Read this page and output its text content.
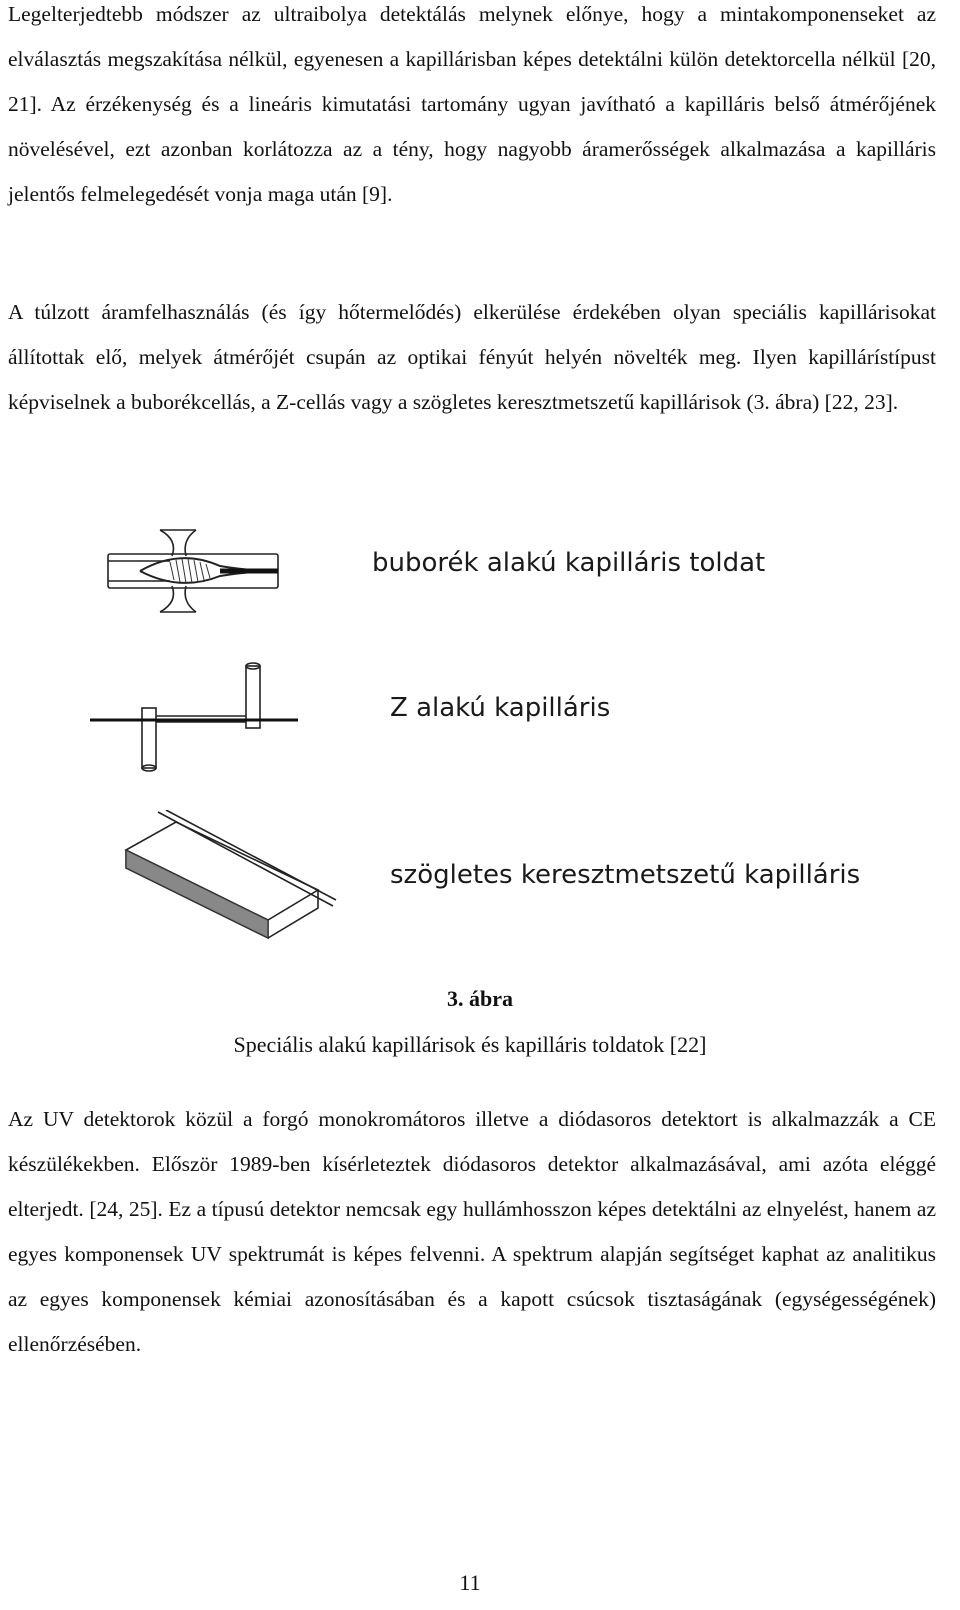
Legelterjedtebb módszer az ultraibolya detektálás melynek előnye, hogy a mintakomponenseket az elválasztás megszakítása nélkül, egyenesen a kapillárisban képes detektálni külön detektorcella nélkül [20, 21]. Az érzékenység és a lineáris kimutatási tartomány ugyan javítható a kapilláris belső átmérőjének növelésével, ezt azonban korlátozza az a tény, hogy nagyobb áramerősségek alkalmazása a kapilláris jelentős felmelegedését vonja maga után [9].

A túlzott áramfelhasználás (és így hőtermelődés) elkerülése érdekében olyan speciális kapillárisokat állítottak elő, melyek átmérőjét csupán az optikai fényút helyén növelték meg. Ilyen kapillárístípust képviselnek a buborékcellás, a Z-cellás vagy a szögletes keresztmetszetű kapillárisok (3. ábra) [22, 23].

buborék alakú kapilláris toldat
Z alakú kapilláris
szögletes keresztmetszetű kapilláris
3. ábra
Speciális alakú kapillárisok és kapilláris toldatok [22]

Az UV detektorok közül a forgó monokromátoros illetve a diódasoros detektort is alkalmazzák a CE készülékekben. Először 1989-ben kísérleteztek diódasoros detektor alkalmazásával, ami azóta eléggé elterjedt. [24, 25]. Ez a típusú detektor nemcsak egy hullámhosszon képes detektálni az elnyelést, hanem az egyes komponensek UV spektrumát is képes felvenni. A spektrum alapján segítséget kaphat az analitikus az egyes komponensek kémiai azonosításában és a kapott csúcsok tisztaságának (egységességének) ellenőrzésében.

11
